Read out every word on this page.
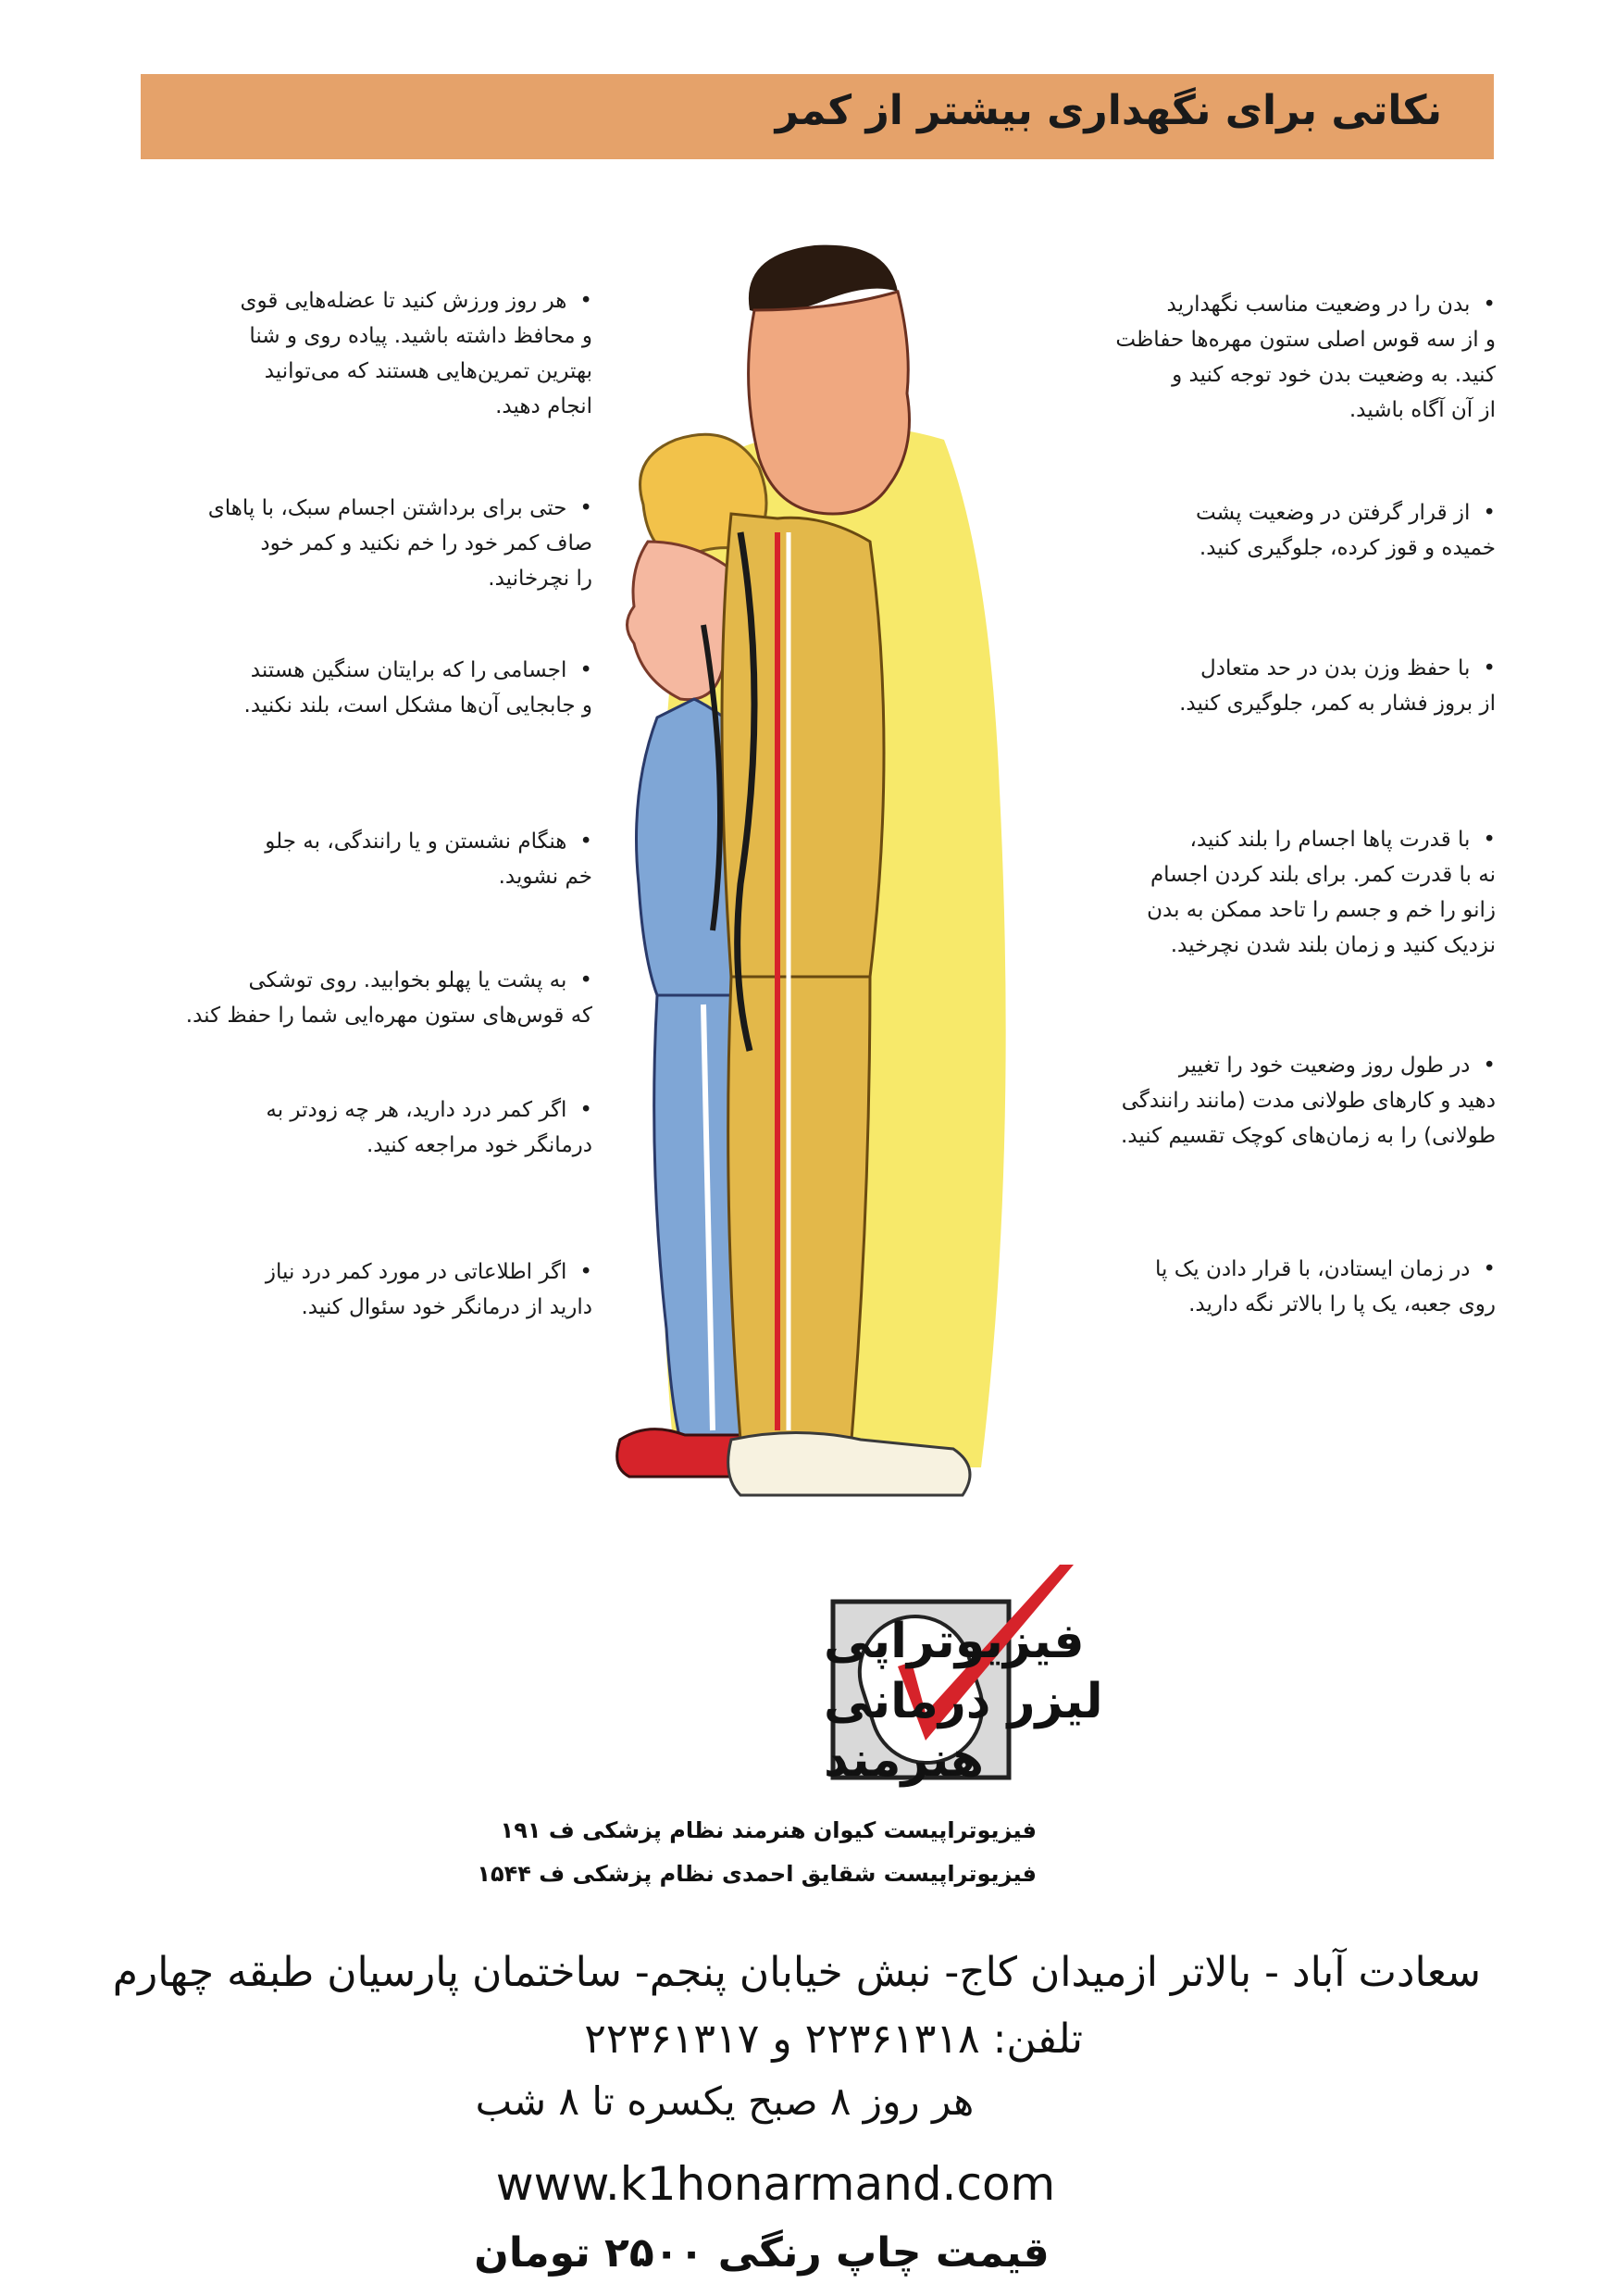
نکاتی برای نگهداری بیشتر از کمر
•بدن را در وضعیت مناسب نگهدارید
و از سه قوس اصلی ستون مهره‌ها حفاظت
کنید. به وضعیت بدن خود توجه کنید و
از آن آگاه باشید.
•از قرار گرفتن در وضعیت پشت
خمیده و قوز کرده، جلوگیری کنید.
•با حفظ وزن بدن در حد متعادل
از بروز فشار به کمر، جلوگیری کنید.
•با قدرت پاها اجسام را بلند کنید،
نه با قدرت کمر. برای بلند کردن اجسام
زانو را خم و جسم را تاحد ممکن به بدن
نزدیک کنید و زمان بلند شدن نچرخید.
•در طول روز وضعیت خود را تغییر
دهید و کارهای طولانی مدت (مانند رانندگی
طولانی) را به زمان‌های کوچک تقسیم کنید.
•در زمان ایستادن، با قرار دادن یک پا
روی جعبه، یک پا را بالاتر نگه دارید.
•هر روز ورزش کنید تا عضله‌هایی قوی
و محافظ داشته باشید. پیاده روی و شنا
بهترین تمرین‌هایی هستند که می‌توانید
انجام دهید.
•حتی برای برداشتن اجسام سبک، با پاهای
صاف کمر خود را خم نکنید و کمر خود
را نچرخانید.
•اجسامی را که برایتان سنگین هستند
و جابجایی آن‌ها مشکل است، بلند نکنید.
•هنگام نشستن و یا رانندگی، به جلو
خم نشوید.
•به پشت یا پهلو بخوابید. روی توشکی
که قوس‌های ستون مهره‌ایی شما را حفظ کند.
•اگر کمر درد دارید، هر چه زودتر به
درمانگر خود مراجعه کنید.
•اگر اطلاعاتی در مورد کمر درد نیاز
دارید از درمانگر خود سئوال کنید.
فیزیوتراپی
لیزر درمانی
هنرمند
فیزیوتراپیست کیوان هنرمند نظام پزشکی ف ۱۹۱
فیزیوتراپیست شقایق احمدی نظام پزشکی ف ۱۵۴۴
سعادت آباد - بالاتر ازمیدان کاج- نبش خیابان پنجم- ساختمان پارسیان طبقه چهارم
تلفن: ۲۲۳۶۱۳۱۸ و ۲۲۳۶۱۳۱۷
هر روز ۸ صبح یکسره تا ۸ شب
www.k1honarmand.com
قیمت چاپ رنگی ۲۵۰۰ تومان
